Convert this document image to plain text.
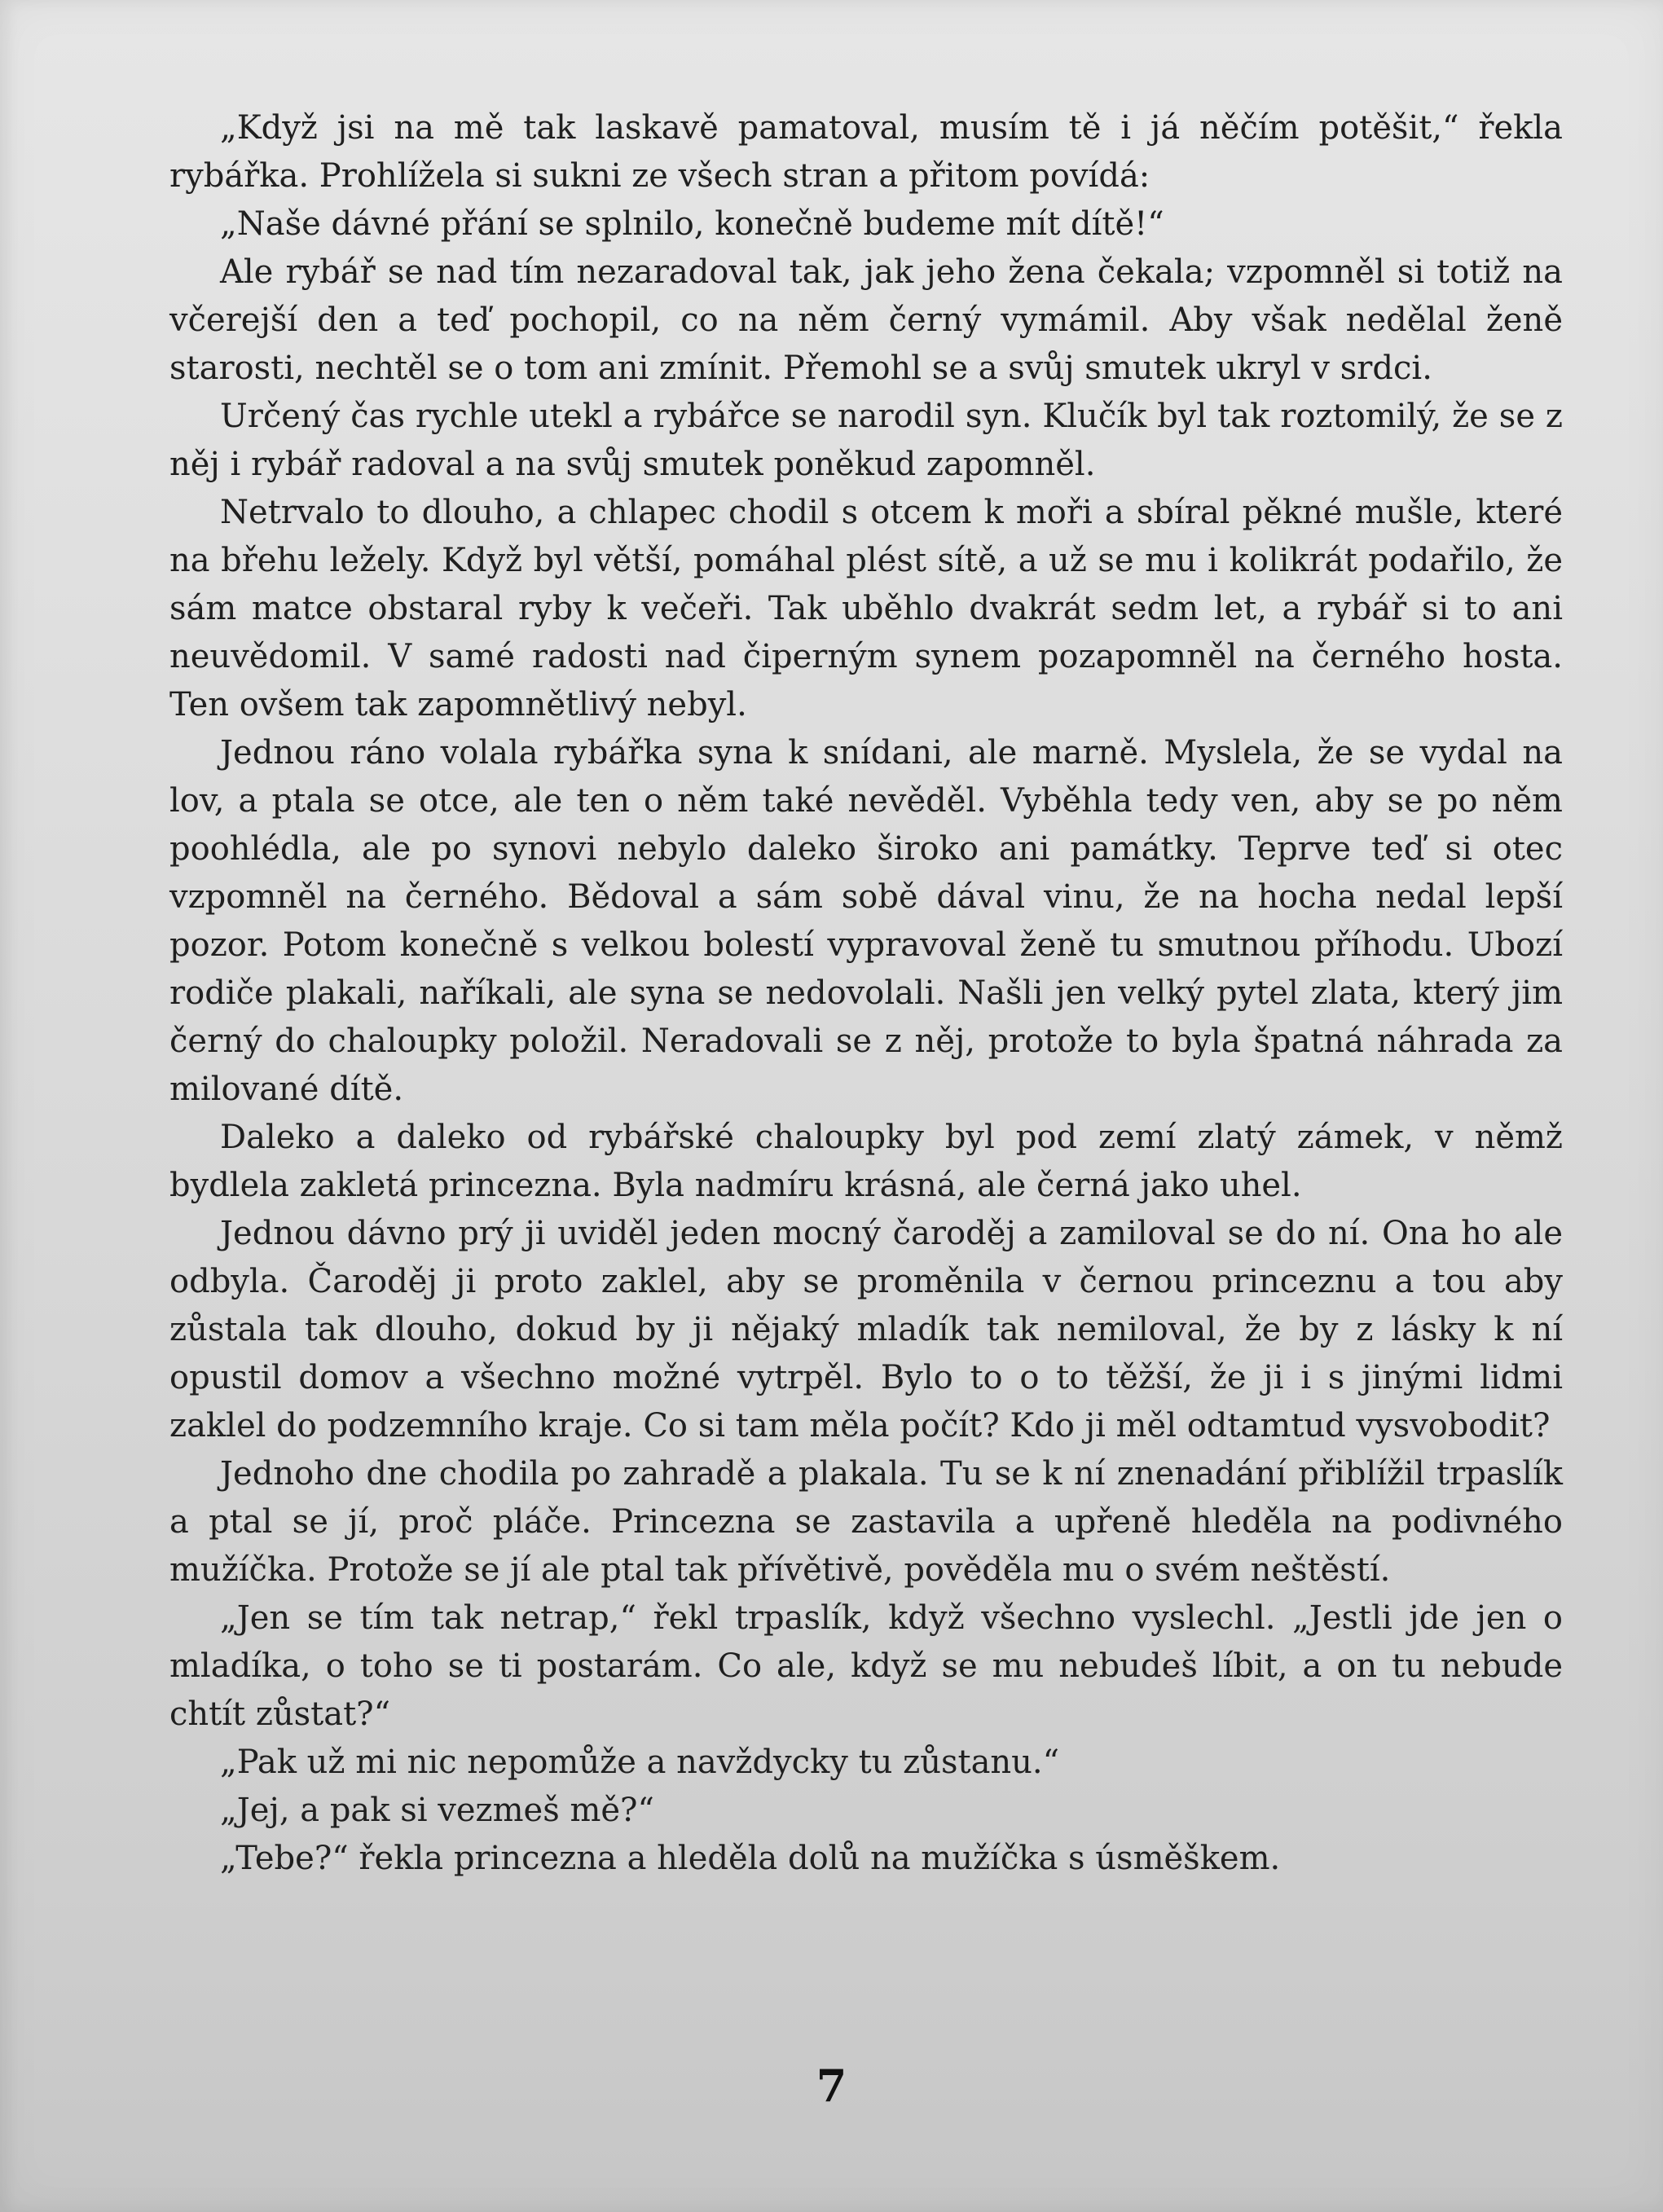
„Když jsi na mě tak laskavě pamatoval, musím tě i já něčím potěšit,“ řekla rybářka. Prohlížela si sukni ze všech stran a přitom povídá:

„Naše dávné přání se splnilo, konečně budeme mít dítě!“

Ale rybář se nad tím nezaradoval tak, jak jeho žena čekala; vzpomněl si totiž na včerejší den a teď pochopil, co na něm černý vymámil. Aby však nedělal ženě starosti, nechtěl se o tom ani zmínit. Přemohl se a svůj smutek ukryl v srdci.

Určený čas rychle utekl a rybářce se narodil syn. Klučík byl tak roztomilý, že se z něj i rybář radoval a na svůj smutek poněkud zapomněl.

Netrvalo to dlouho, a chlapec chodil s otcem k moři a sbíral pěkné mušle, které na břehu ležely. Když byl větší, pomáhal plést sítě, a už se mu i kolikrát podařilo, že sám matce obstaral ryby k večeři. Tak uběhlo dvakrát sedm let, a rybář si to ani neuvědomil. V samé radosti nad čiperným synem pozapomněl na černého hosta. Ten ovšem tak zapomnětlivý nebyl.

Jednou ráno volala rybářka syna k snídani, ale marně. Myslela, že se vydal na lov, a ptala se otce, ale ten o něm také nevěděl. Vyběhla tedy ven, aby se po něm poohlédla, ale po synovi nebylo daleko široko ani památky. Teprve teď si otec vzpomněl na černého. Bědoval a sám sobě dával vinu, že na hocha nedal lepší pozor. Potom konečně s velkou bolestí vypravoval ženě tu smutnou příhodu. Ubozí rodiče plakali, naříkali, ale syna se nedovolali. Našli jen velký pytel zlata, který jim černý do chaloupky položil. Neradovali se z něj, protože to byla špatná náhrada za milované dítě.

Daleko a daleko od rybářské chaloupky byl pod zemí zlatý zámek, v němž bydlela zakletá princezna. Byla nadmíru krásná, ale černá jako uhel.

Jednou dávno prý ji uviděl jeden mocný čaroděj a zamiloval se do ní. Ona ho ale odbyla. Čaroděj ji proto zaklel, aby se proměnila v černou princeznu a tou aby zůstala tak dlouho, dokud by ji nějaký mladík tak nemiloval, že by z lásky k ní opustil domov a všechno možné vytrpěl. Bylo to o to těžší, že ji i s jinými lidmi zaklel do podzemního kraje. Co si tam měla počít? Kdo ji měl odtamtud vysvobodit?

Jednoho dne chodila po zahradě a plakala. Tu se k ní znenadání přiblížil trpaslík a ptal se jí, proč pláče. Princezna se zastavila a upřeně hleděla na podivného mužíčka. Protože se jí ale ptal tak přívětivě, pověděla mu o svém neštěstí.

„Jen se tím tak netrap,“ řekl trpaslík, když všechno vyslechl. „Jestli jde jen o mladíka, o toho se ti postarám. Co ale, když se mu nebudeš líbit, a on tu nebude chtít zůstat?“

„Pak už mi nic nepomůže a navždycky tu zůstanu.“

„Jej, a pak si vezmeš mě?“

„Tebe?“ řekla princezna a hleděla dolů na mužíčka s úsměškem.

7
